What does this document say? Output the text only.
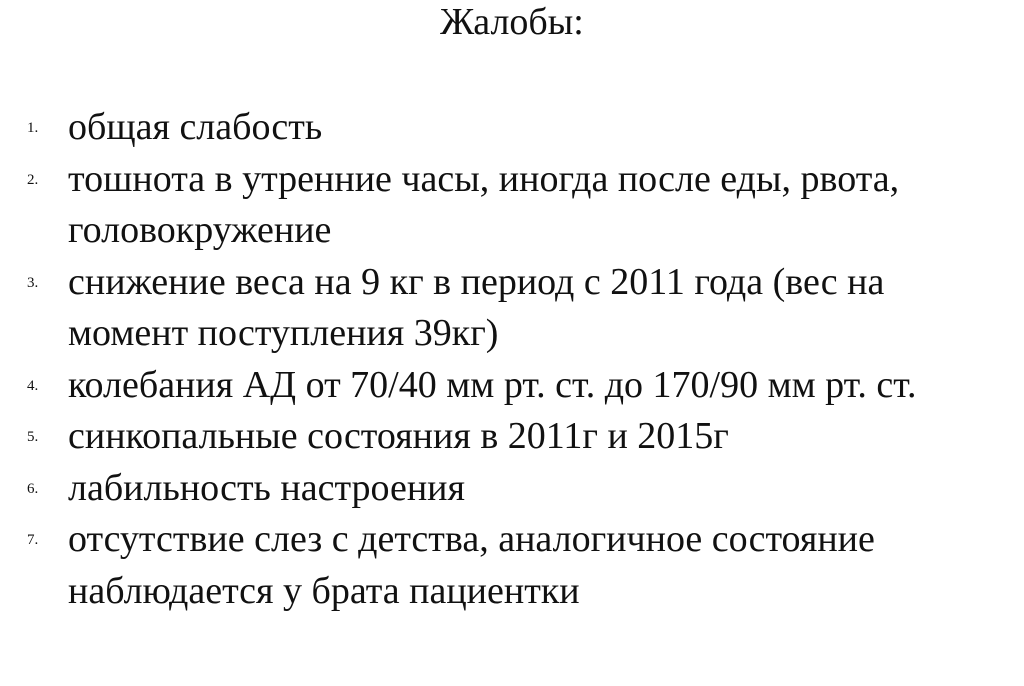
Жалобы:
1. общая слабость
2. тошнота в утренние часы, иногда после еды, рвота, головокружение
3. снижение веса на 9 кг в период с 2011 года (вес на момент поступления 39кг)
4. колебания АД от 70/40 мм рт. ст. до 170/90 мм рт. ст.
5. синкопальные состояния в 2011г и 2015г
6. лабильность настроения
7. отсутствие слез с детства, аналогичное состояние наблюдается у брата пациентки
